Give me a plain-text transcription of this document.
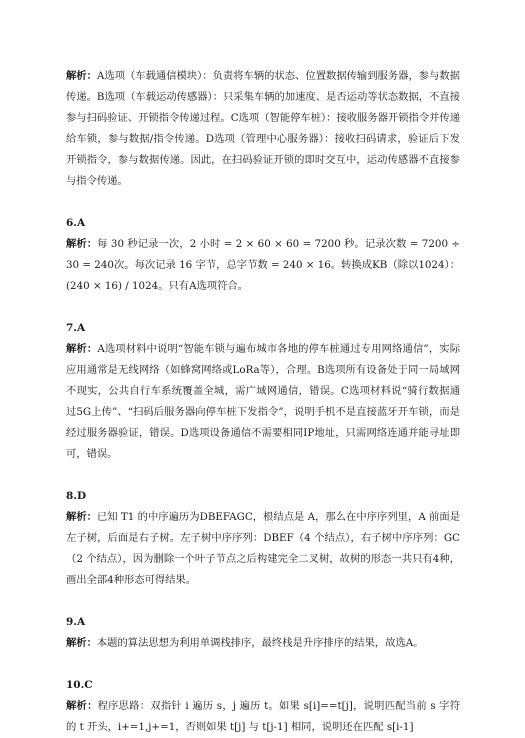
解析：A选项（车载通信模块）：负责将车辆的状态、位置数据传输到服务器，参与数据传递。B选项（车载运动传感器）：只采集车辆的加速度、是否运动等状态数据，不直接参与扫码验证、开锁指令传递过程。C选项（智能停车桩）：接收服务器开锁指令并传递给车锁，参与数据/指令传递。D选项（管理中心服务器）：接收扫码请求，验证后下发开锁指令，参与数据传递。因此，在扫码验证开锁的即时交互中，运动传感器不直接参与指令传递。

6.A

解析：每 30 秒记录一次，2 小时 = 2 × 60 × 60 = 7200 秒。记录次数 = 7200 ÷ 30 = 240次。每次记录 16 字节，总字节数 = 240 × 16。转换成KB（除以1024）：(240 × 16) / 1024。只有A选项符合。

7.A

解析：A选项材料中说明“智能车锁与遍布城市各地的停车桩通过专用网络通信”，实际应用通常是无线网络（如蜂窝网络或LoRa等），合理。B选项所有设备处于同一局域网不现实，公共自行车系统覆盖全城，需广域网通信，错误。C选项材料说“骑行数据通过5G上传”、“扫码后服务器向停车桩下发指令”，说明手机不是直接蓝牙开车锁，而是经过服务器验证，错误。D选项设备通信不需要相同IP地址，只需网络连通并能寻址即可，错误。

8.D

解析：已知 T1 的中序遍历为DBEFAGC，根结点是 A，那么在中序序列里，A 前面是左子树，后面是右子树。左子树中序序列：DBEF（4 个结点），右子树中序序列：GC（2 个结点），因为删除一个叶子节点之后构建完全二叉树，故树的形态一共只有4种，画出全部4种形态可得结果。

9.A

解析：本题的算法思想为利用单调栈排序，最终栈是升序排序的结果，故选A。

10.C

解析：程序思路：双指针 i 遍历 s，j 遍历 t。如果 s[i]==t[j]，说明匹配当前 s 字符的 t 开头，i+=1,j+=1，否则如果 t[j] 与 t[j-1] 相同，说明还在匹配 s[i-1]
